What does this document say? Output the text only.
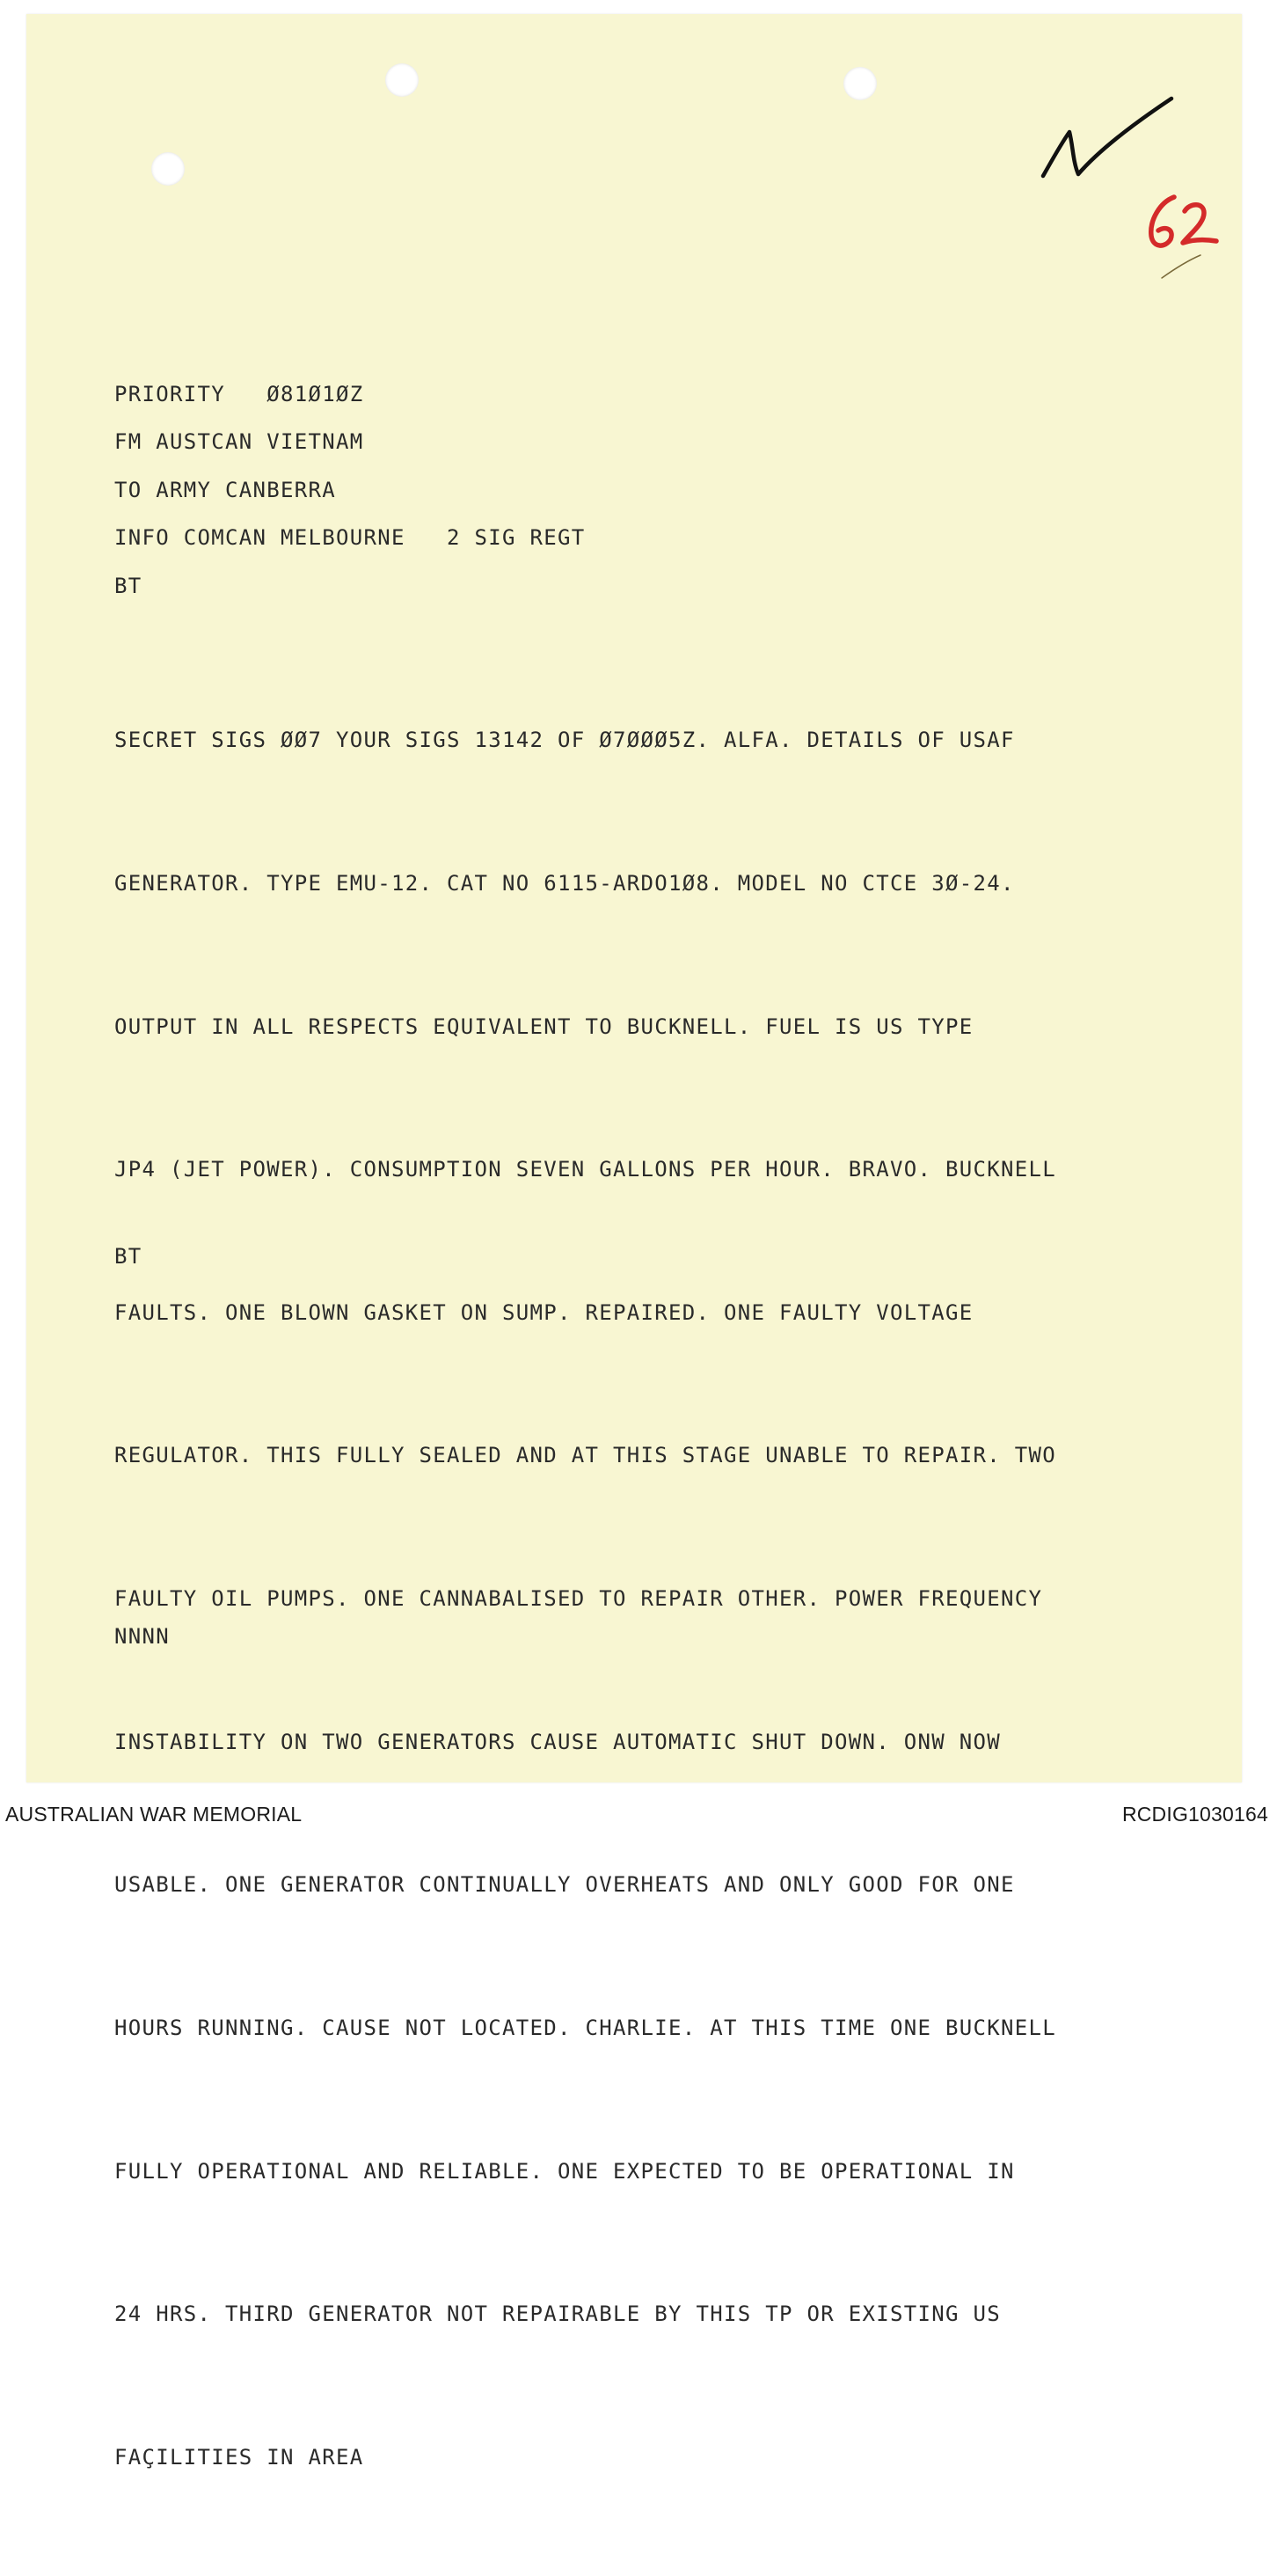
PRIORITY   Ø81Ø1ØZ

FM AUSTCAN VIETNAM

TO ARMY CANBERRA

INFO COMCAN MELBOURNE   2 SIG REGT

BT

SECRET SIGS ØØ7 YOUR SIGS 13142 OF Ø7ØØØ5Z. ALFA. DETAILS OF USAF

GENERATOR. TYPE EMU-12. CAT NO 6115-ARDO1Ø8. MODEL NO CTCE 3Ø-24.

OUTPUT IN ALL RESPECTS EQUIVALENT TO BUCKNELL. FUEL IS US TYPE

JP4 (JET POWER). CONSUMPTION SEVEN GALLONS PER HOUR. BRAVO. BUCKNELL

FAULTS. ONE BLOWN GASKET ON SUMP. REPAIRED. ONE FAULTY VOLTAGE

REGULATOR. THIS FULLY SEALED AND AT THIS STAGE UNABLE TO REPAIR. TWO

FAULTY OIL PUMPS. ONE CANNABALISED TO REPAIR OTHER. POWER FREQUENCY

INSTABILITY ON TWO GENERATORS CAUSE AUTOMATIC SHUT DOWN. ONW NOW

USABLE. ONE GENERATOR CONTINUALLY OVERHEATS AND ONLY GOOD FOR ONE

HOURS RUNNING. CAUSE NOT LOCATED. CHARLIE. AT THIS TIME ONE BUCKNELL

FULLY OPERATIONAL AND RELIABLE. ONE EXPECTED TO BE OPERATIONAL IN

24 HRS. THIRD GENERATOR NOT REPAIRABLE BY THIS TP OR EXISTING US

FAÇILITIES IN AREA

BT

NNNN

AUSTRALIAN WAR MEMORIAL	RCDIG1030164
